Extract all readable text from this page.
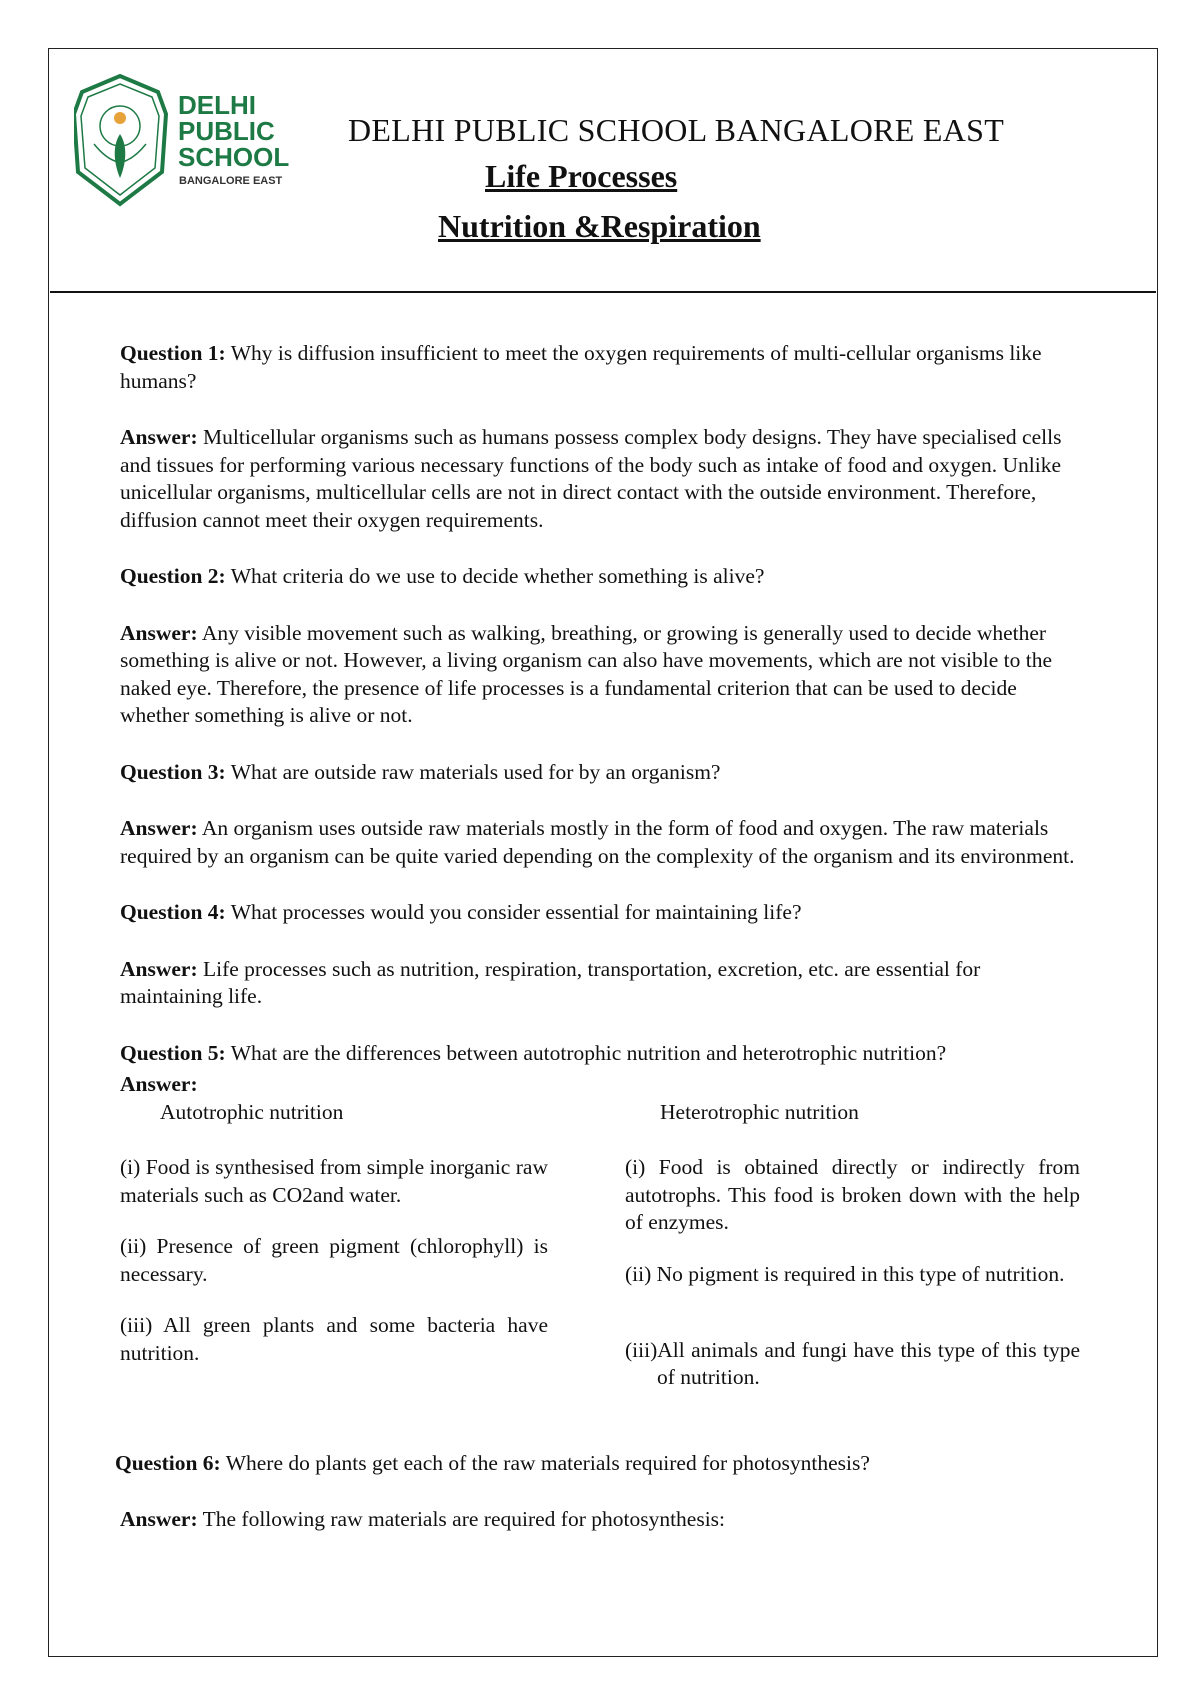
DELHI
PUBLIC
SCHOOL
BANGALORE EAST
DELHI PUBLIC SCHOOL BANGALORE EAST
Life Processes
Nutrition &Respiration

Question 1: Why is diffusion insufficient to meet the oxygen requirements of multi-cellular organisms like humans?

Answer: Multicellular organisms such as humans possess complex body designs. They have specialised cells and tissues for performing various necessary functions of the body such as intake of food and oxygen. Unlike unicellular organisms, multicellular cells are not in direct contact with the outside environment. Therefore, diffusion cannot meet their oxygen requirements.

Question 2: What criteria do we use to decide whether something is alive?

Answer: Any visible movement such as walking, breathing, or growing is generally used to decide whether something is alive or not. However, a living organism can also have movements, which are not visible to the naked eye. Therefore, the presence of life processes is a fundamental criterion that can be used to decide whether something is alive or not.

Question 3: What are outside raw materials used for by an organism?

Answer: An organism uses outside raw materials mostly in the form of food and oxygen. The raw materials required by an organism can be quite varied depending on the complexity of the organism and its environment.

Question 4: What processes would you consider essential for maintaining life?

Answer: Life processes such as nutrition, respiration, transportation, excretion, etc. are essential for maintaining life.

Question 5: What are the differences between autotrophic nutrition and heterotrophic nutrition?

Answer:

Autotrophic nutrition

(i) Food is synthesised from simple inorganic raw materials such as CO2and water.

(ii) Presence of green pigment (chlorophyll) is necessary.

(iii) All green plants and some bacteria have nutrition.

Heterotrophic nutrition

(i) Food is obtained directly or indirectly from autotrophs. This food is broken down with the help of enzymes.

(ii) No pigment is required in this type of nutrition.

(iii)All animals and fungi have this type of this type of nutrition.

Question 6: Where do plants get each of the raw materials required for photosynthesis?

Answer: The following raw materials are required for photosynthesis:
